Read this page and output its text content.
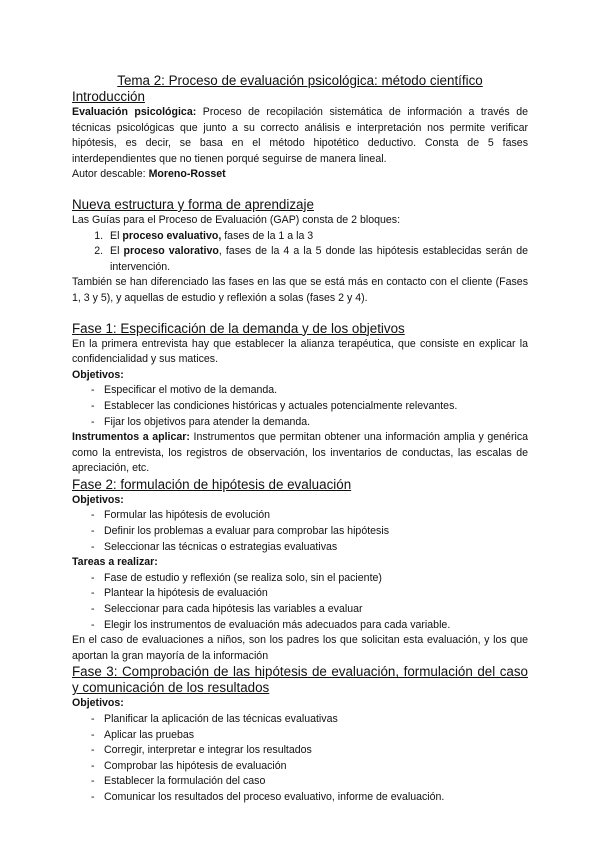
Tema 2: Proceso de evaluación psicológica: método científico

Introducción

Evaluación psicológica: Proceso de recopilación sistemática de información a través de técnicas psicológicas que junto a su correcto análisis e interpretación nos permite verificar hipótesis, es decir, se basa en el método hipotético deductivo. Consta de 5 fases interdependientes que no tienen porqué seguirse de manera lineal.

Autor descable: Moreno-Rosset

Nueva estructura y forma de aprendizaje

Las Guías para el Proceso de Evaluación (GAP) consta de 2 bloques:

1. El proceso evaluativo, fases de la 1 a la 3
2. El proceso valorativo, fases de la 4 a la 5 donde las hipótesis establecidas serán de intervención.

También se han diferenciado las fases en las que se está más en contacto con el cliente (Fases 1, 3 y 5), y aquellas de estudio y reflexión a solas (fases 2 y 4).

Fase 1: Especificación de la demanda y de los objetivos

En la primera entrevista hay que establecer la alianza terapéutica, que consiste en explicar la confidencialidad y sus matices.

Objetivos:

- Especificar el motivo de la demanda.
- Establecer las condiciones históricas y actuales potencialmente relevantes.
- Fijar los objetivos para atender la demanda.

Instrumentos a aplicar: Instrumentos que permitan obtener una información amplia y genérica como la entrevista, los registros de observación, los inventarios de conductas, las escalas de apreciación, etc.

Fase 2: formulación de hipótesis de evaluación

Objetivos:

- Formular las hipótesis de evolución
- Definir los problemas a evaluar para comprobar las hipótesis
- Seleccionar las técnicas o estrategias evaluativas

Tareas a realizar:

- Fase de estudio y reflexión (se realiza solo, sin el paciente)
- Plantear la hipótesis de evaluación
- Seleccionar para cada hipótesis las variables a evaluar
- Elegir los instrumentos de evaluación más adecuados para cada variable.

En el caso de evaluaciones a niños, son los padres los que solicitan esta evaluación, y los que aportan la gran mayoría de la información

Fase 3: Comprobación de las hipótesis de evaluación, formulación del caso y comunicación de los resultados

Objetivos:

- Planificar la aplicación de las técnicas evaluativas
- Aplicar las pruebas
- Corregir, interpretar e integrar los resultados
- Comprobar las hipótesis de evaluación
- Establecer la formulación del caso
- Comunicar los resultados del proceso evaluativo, informe de evaluación.
